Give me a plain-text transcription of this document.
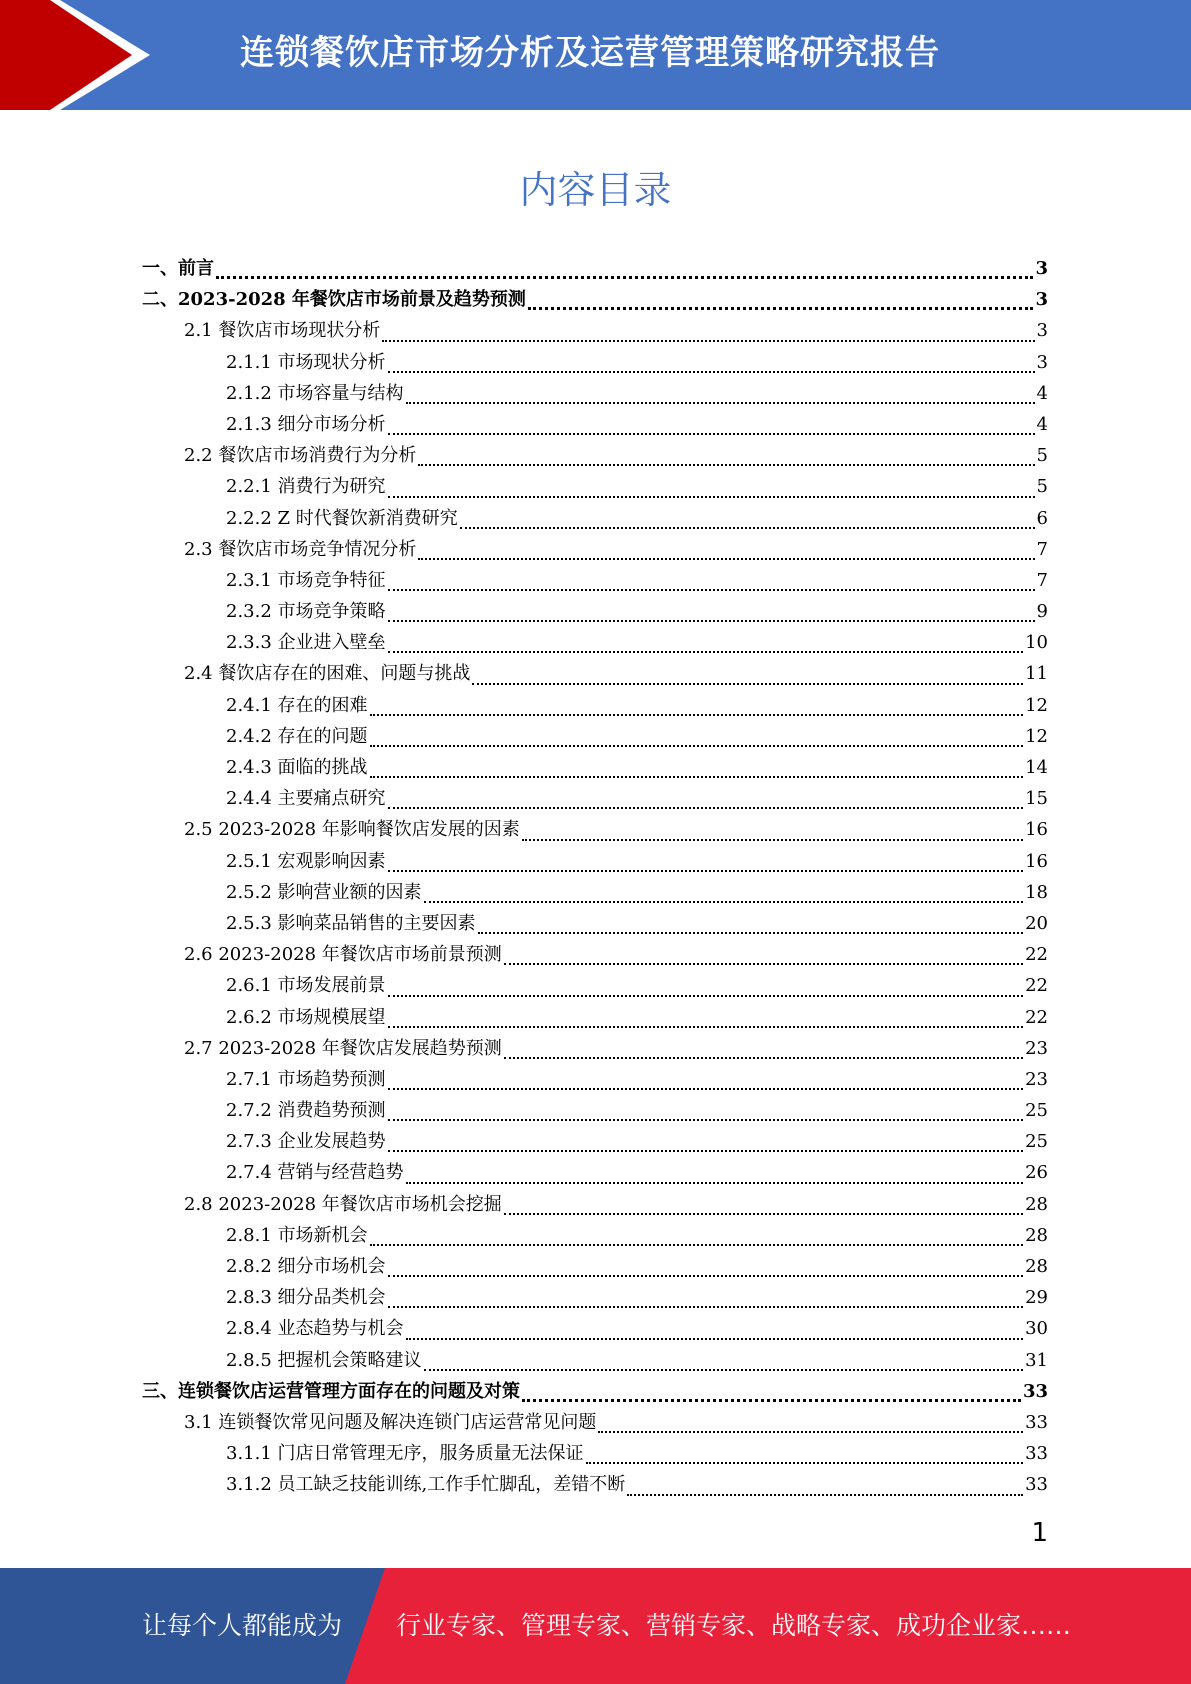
连锁餐饮店市场分析及运营管理策略研究报告
内容目录
一、前言	3
二、2023-2028 年餐饮店市场前景及趋势预测	3
2.1 餐饮店市场现状分析	3
2.1.1 市场现状分析	3
2.1.2 市场容量与结构	4
2.1.3 细分市场分析	4
2.2 餐饮店市场消费行为分析	5
2.2.1 消费行为研究	5
2.2.2 Z 时代餐饮新消费研究	6
2.3 餐饮店市场竞争情况分析	7
2.3.1 市场竞争特征	7
2.3.2 市场竞争策略	9
2.3.3 企业进入壁垒	10
2.4 餐饮店存在的困难、问题与挑战	11
2.4.1 存在的困难	12
2.4.2 存在的问题	12
2.4.3 面临的挑战	14
2.4.4 主要痛点研究	15
2.5 2023-2028 年影响餐饮店发展的因素	16
2.5.1 宏观影响因素	16
2.5.2 影响营业额的因素	18
2.5.3 影响菜品销售的主要因素	20
2.6 2023-2028 年餐饮店市场前景预测	22
2.6.1 市场发展前景	22
2.6.2 市场规模展望	22
2.7 2023-2028 年餐饮店发展趋势预测	23
2.7.1 市场趋势预测	23
2.7.2 消费趋势预测	25
2.7.3 企业发展趋势	25
2.7.4 营销与经营趋势	26
2.8 2023-2028 年餐饮店市场机会挖掘	28
2.8.1 市场新机会	28
2.8.2 细分市场机会	28
2.8.3 细分品类机会	29
2.8.4 业态趋势与机会	30
2.8.5 把握机会策略建议	31
三、连锁餐饮店运营管理方面存在的问题及对策	33
3.1 连锁餐饮常见问题及解决连锁门店运营常见问题	33
3.1.1 门店日常管理无序，服务质量无法保证	33
3.1.2 员工缺乏技能训练,工作手忙脚乱，差错不断	33
1
让每个人都能成为 行业专家、管理专家、营销专家、战略专家、成功企业家……
